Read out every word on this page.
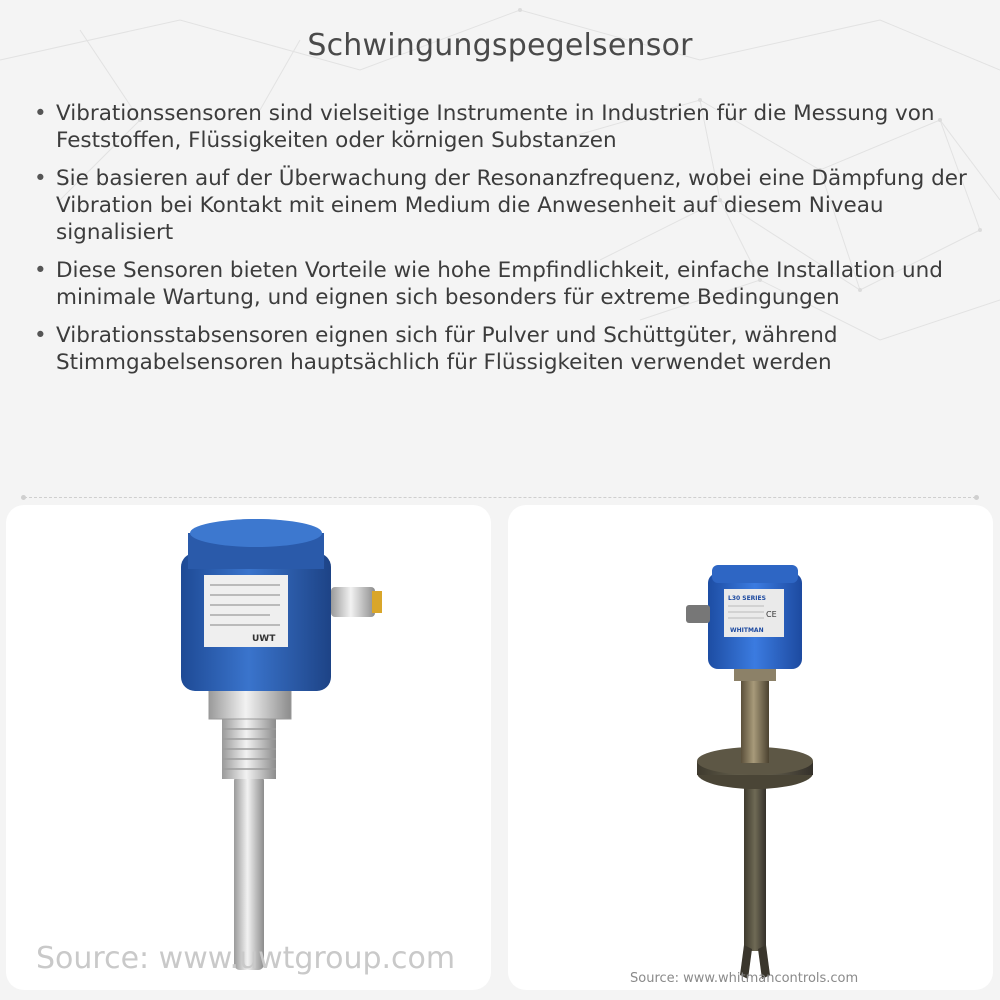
Schwingungspegelsensor
• Vibrationssensoren sind vielseitige Instrumente in Industrien für die Messung von Feststoffen, Flüssigkeiten oder körnigen Substanzen
• Sie basieren auf der Überwachung der Resonanzfrequenz, wobei eine Dämpfung der Vibration bei Kontakt mit einem Medium die Anwesenheit auf diesem Niveau signalisiert
• Diese Sensoren bieten Vorteile wie hohe Empfindlichkeit, einfache Installation und minimale Wartung, und eignen sich besonders für extreme Bedingungen
• Vibrationsstabsensoren eignen sich für Pulver und Schüttgüter, während Stimmgabelsensoren hauptsächlich für Flüssigkeiten verwendet werden
UWT
Source: www.uwtgroup.com
L30 SERIES
CE
WHITMAN
Source: www.whitmancontrols.com
